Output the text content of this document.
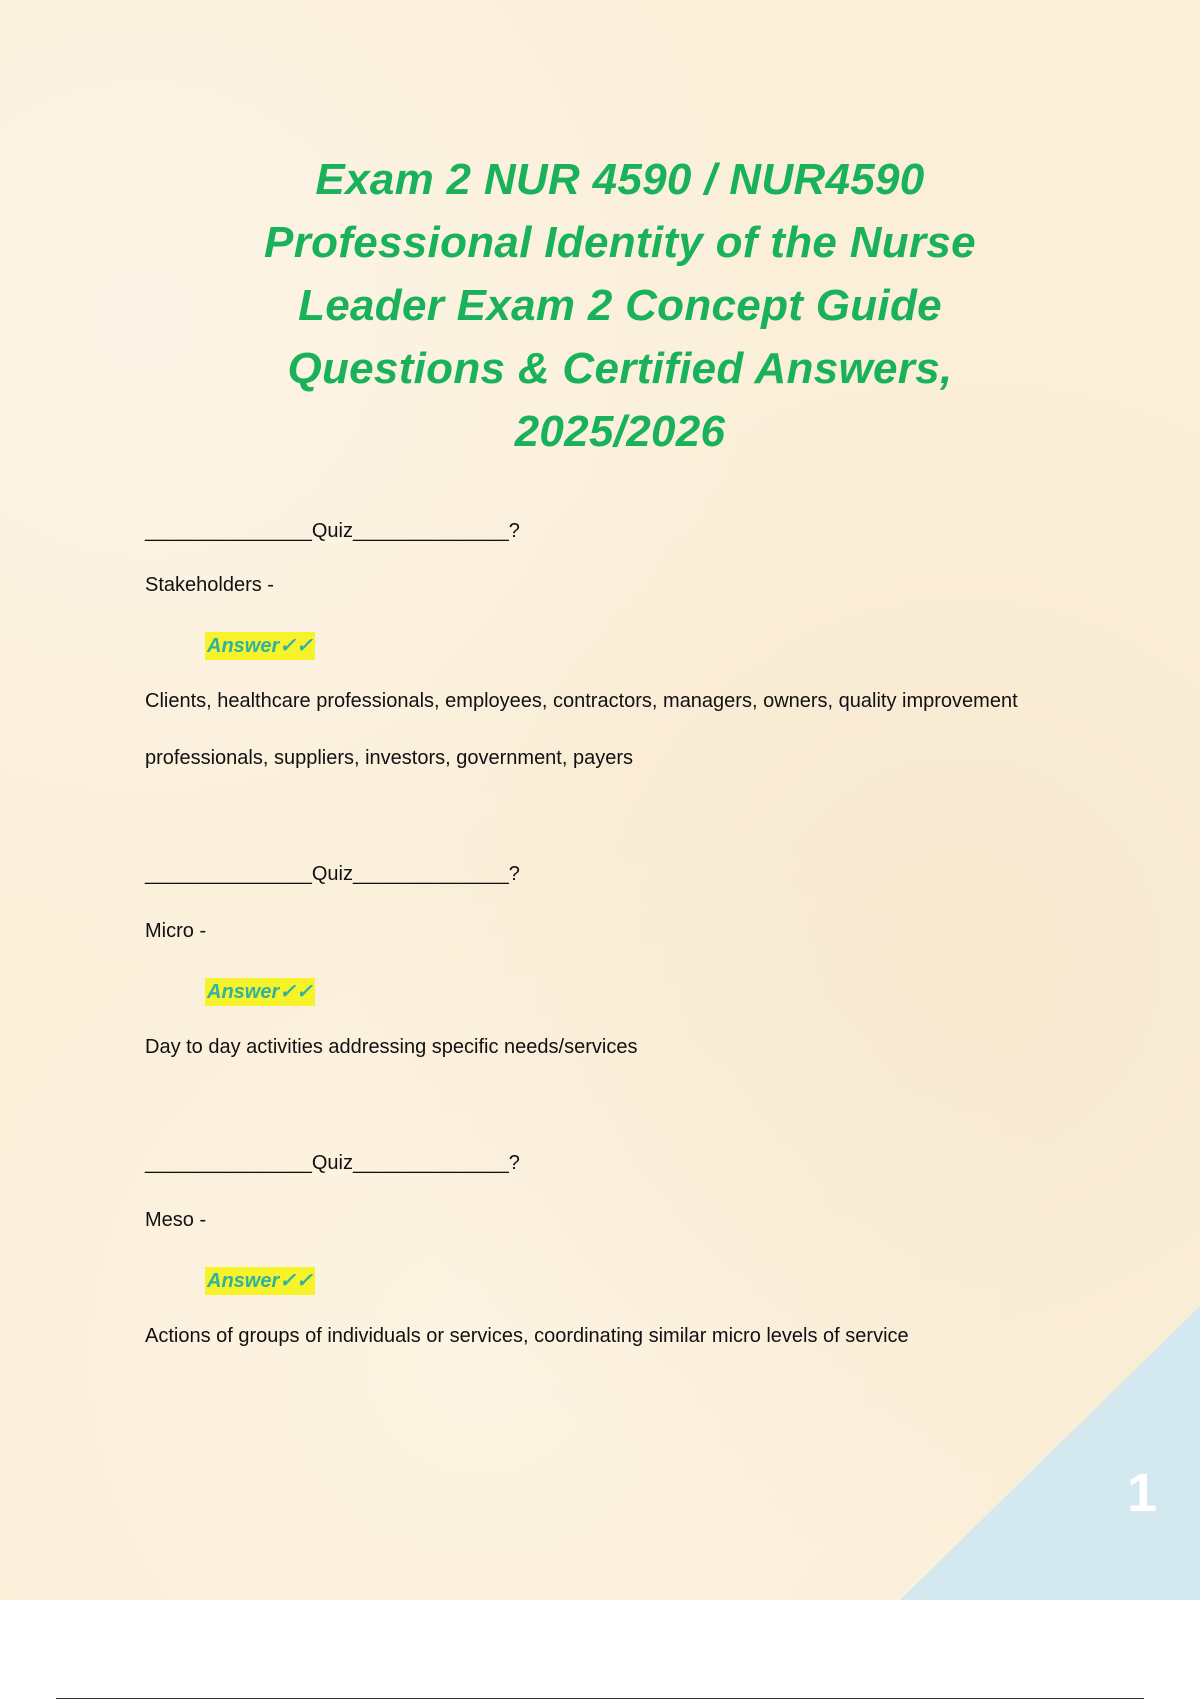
Exam 2 NUR 4590 / NUR4590
Professional Identity of the Nurse
Leader Exam 2 Concept Guide
Questions & Certified Answers,
2025/2026
_______________Quiz______________?
Stakeholders -
Answer✓✓
Clients, healthcare professionals, employees, contractors, managers, owners, quality improvement professionals, suppliers, investors, government, payers
_______________Quiz______________?
Micro -
Answer✓✓
Day to day activities addressing specific needs/services
_______________Quiz______________?
Meso -
Answer✓✓
Actions of groups of individuals or services, coordinating similar micro levels of service
1
